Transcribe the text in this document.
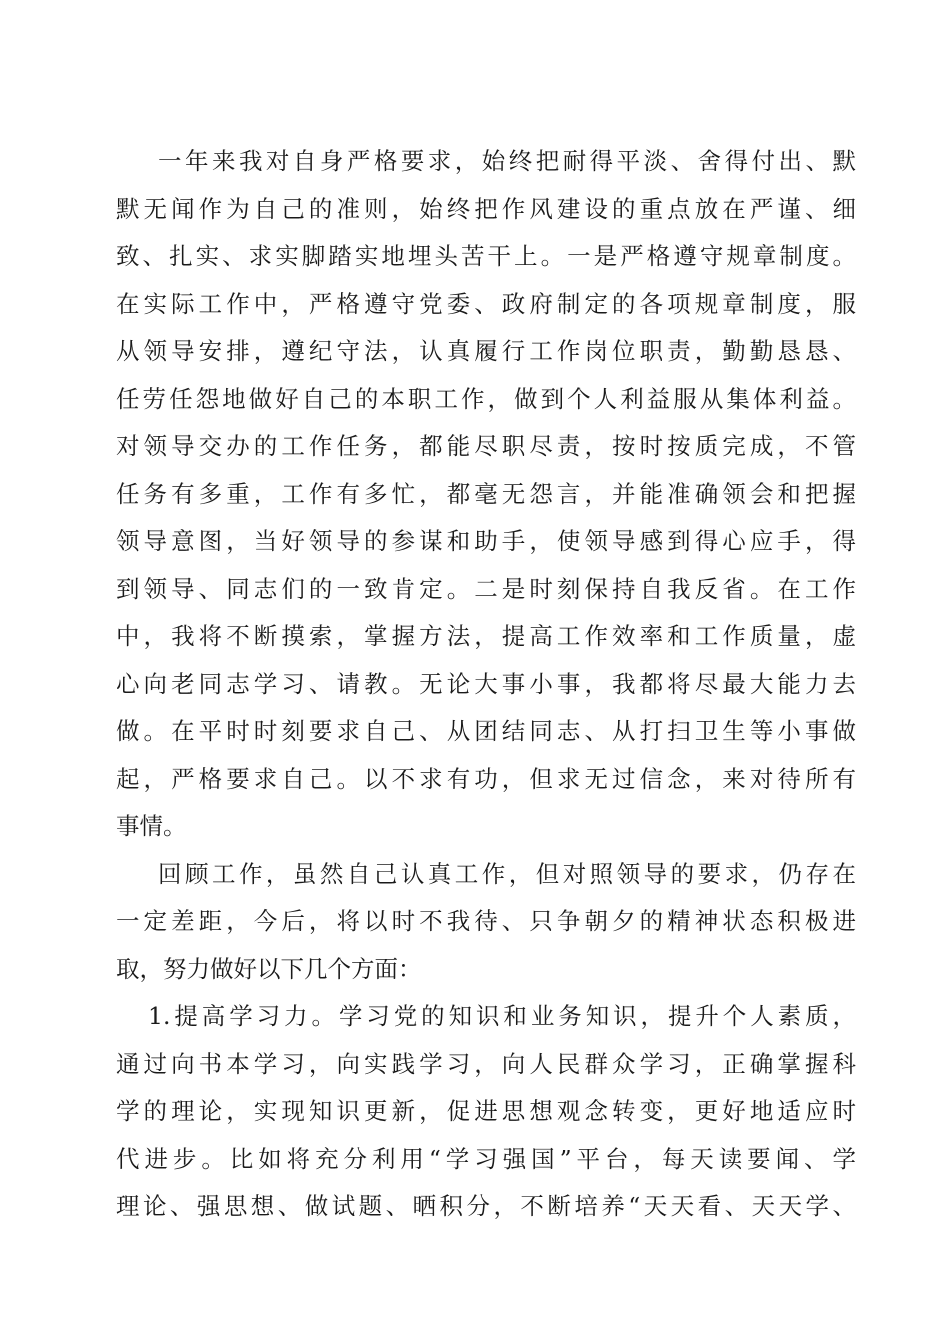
一年来我对自身严格要求，始终把耐得平淡、舍得付出、默
默无闻作为自己的准则，始终把作风建设的重点放在严谨、细
致、扎实、求实脚踏实地埋头苦干上。一是严格遵守规章制度。
在实际工作中，严格遵守党委、政府制定的各项规章制度，服
从领导安排，遵纪守法，认真履行工作岗位职责，勤勤恳恳、
任劳任怨地做好自己的本职工作，做到个人利益服从集体利益。
对领导交办的工作任务，都能尽职尽责，按时按质完成，不管
任务有多重，工作有多忙，都毫无怨言，并能准确领会和把握
领导意图，当好领导的参谋和助手，使领导感到得心应手，得
到领导、同志们的一致肯定。二是时刻保持自我反省。在工作
中，我将不断摸索，掌握方法，提高工作效率和工作质量，虚
心向老同志学习、请教。无论大事小事，我都将尽最大能力去
做。在平时时刻要求自己、从团结同志、从打扫卫生等小事做
起，严格要求自己。以不求有功，但求无过信念，来对待所有
事情。
回顾工作，虽然自己认真工作，但对照领导的要求，仍存在
一定差距，今后，将以时不我待、只争朝夕的精神状态积极进
取，努力做好以下几个方面：
1.提高学习力。学习党的知识和业务知识，提升个人素质，
通过向书本学习，向实践学习，向人民群众学习，正确掌握科
学的理论，实现知识更新，促进思想观念转变，更好地适应时
代进步。比如将充分利用“学习强国”平台，每天读要闻、学
理论、强思想、做试题、晒积分，不断培养“天天看、天天学、
